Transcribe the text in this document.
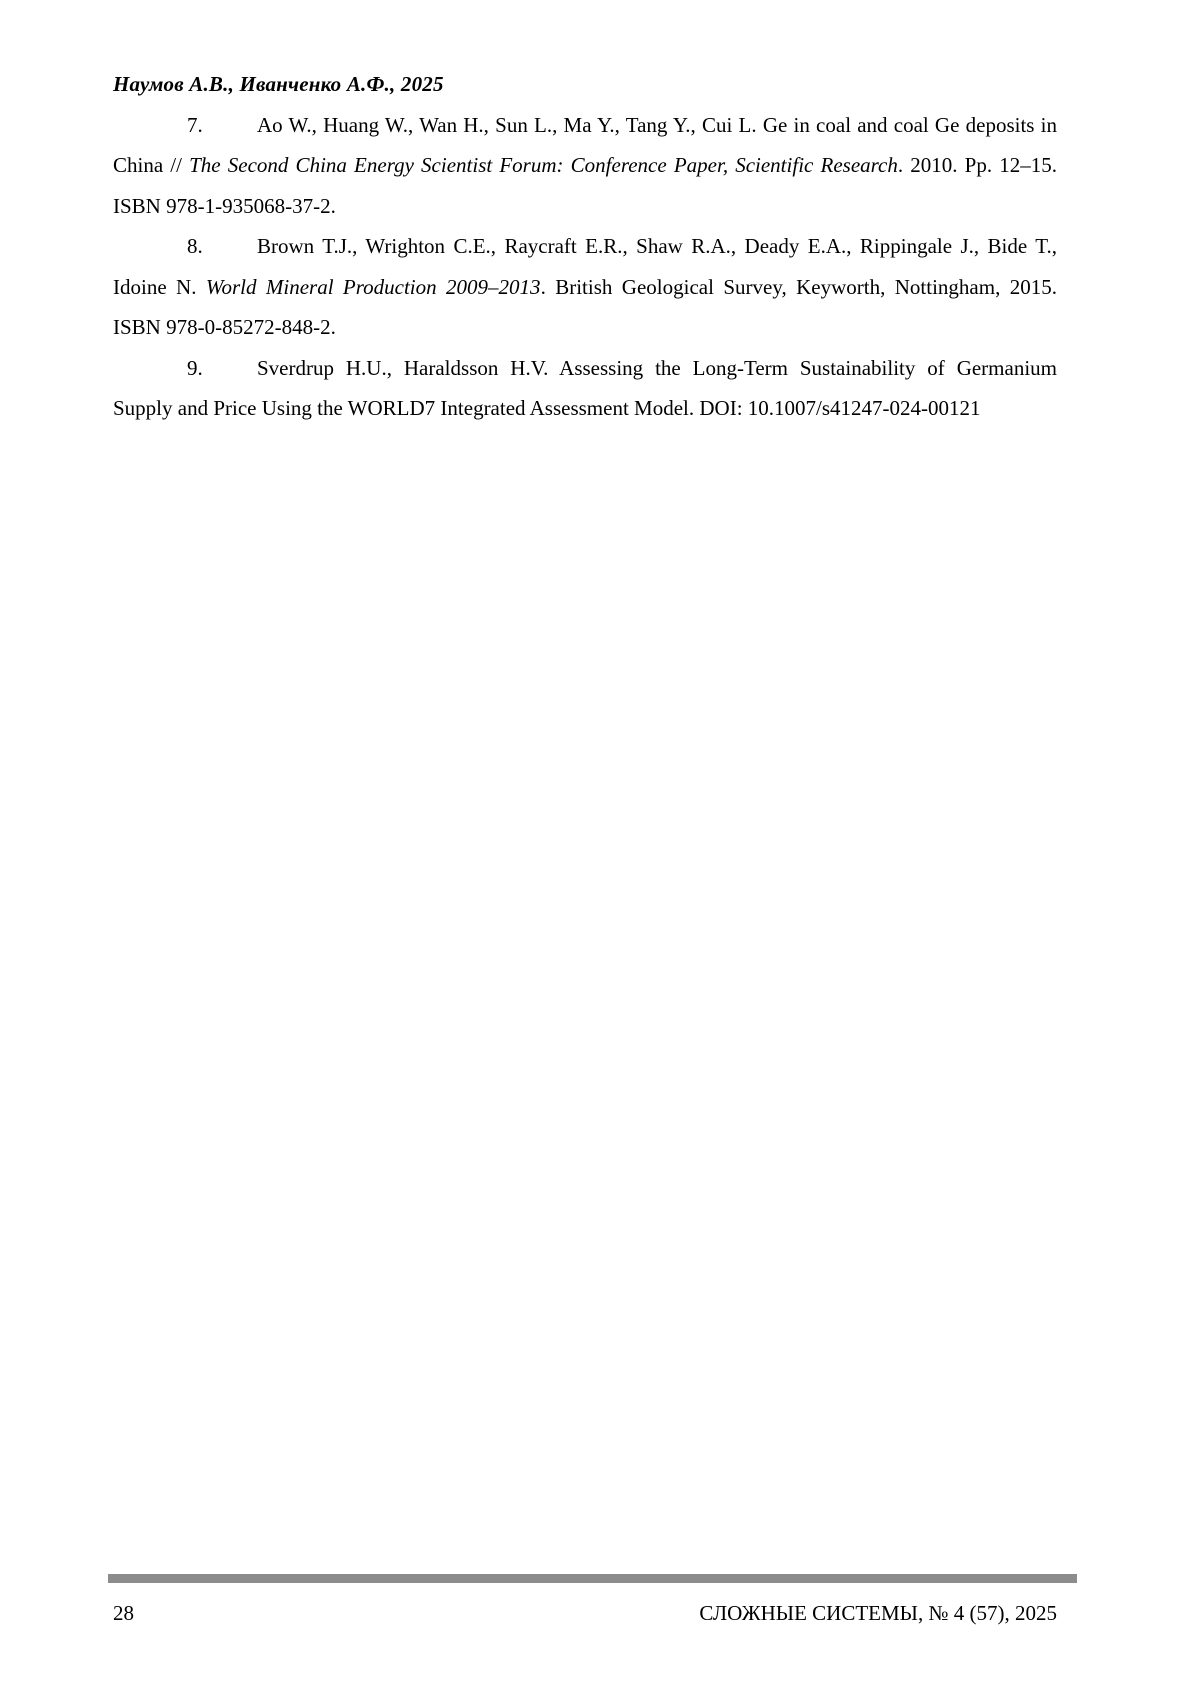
Наумов А.В., Иванченко А.Ф., 2025

7.	Ao W., Huang W., Wan H., Sun L., Ma Y., Tang Y., Cui L. Ge in coal and coal Ge deposits in China // The Second China Energy Scientist Forum: Conference Paper, Scientific Research. 2010. Pp. 12–15. ISBN 978-1-935068-37-2.

8.	Brown T.J., Wrighton C.E., Raycraft E.R., Shaw R.A., Deady E.A., Rippingale J., Bide T., Idoine N. World Mineral Production 2009–2013. British Geological Survey, Keyworth, Nottingham, 2015. ISBN 978-0-85272-848-2.

9.	Sverdrup H.U., Haraldsson H.V. Assessing the Long-Term Sustainability of Germanium Supply and Price Using the WORLD7 Integrated Assessment Model. DOI: 10.1007/s41247-024-00121

28	СЛОЖНЫЕ СИСТЕМЫ, № 4 (57), 2025
